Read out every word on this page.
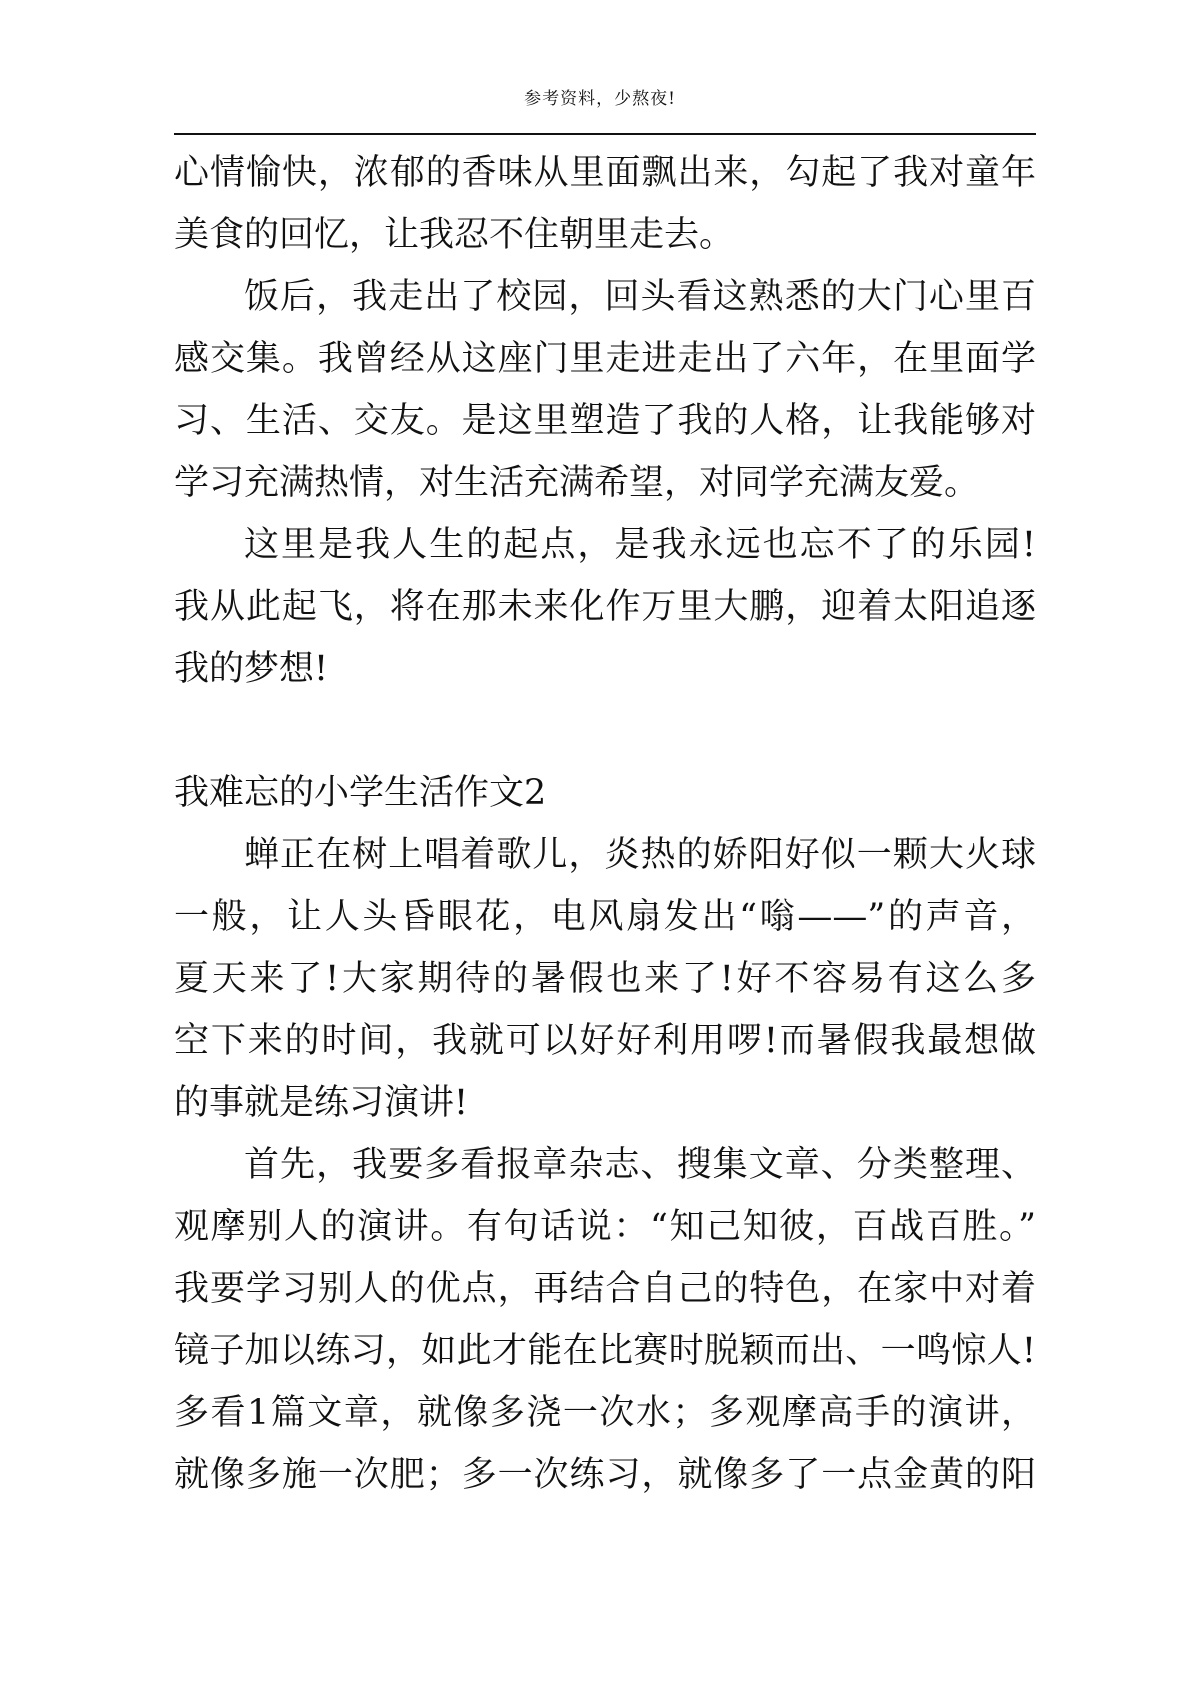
参考资料，少熬夜!
心情愉快，浓郁的香味从里面飘出来，勾起了我对童年
美食的回忆，让我忍不住朝里走去。
饭后，我走出了校园，回头看这熟悉的大门心里百
感交集。我曾经从这座门里走进走出了六年，在里面学
习、生活、交友。是这里塑造了我的人格，让我能够对
学习充满热情，对生活充满希望，对同学充满友爱。
这里是我人生的起点，是我永远也忘不了的乐园!
我从此起飞，将在那未来化作万里大鹏，迎着太阳追逐
我的梦想!
我难忘的小学生活作文2
蝉正在树上唱着歌儿，炎热的娇阳好似一颗大火球
一般，让人头昏眼花，电风扇发出“嗡——”的声音，
夏天来了!大家期待的暑假也来了!好不容易有这么多
空下来的时间，我就可以好好利用啰!而暑假我最想做
的事就是练习演讲!
首先，我要多看报章杂志、搜集文章、分类整理、
观摩别人的演讲。有句话说：“知己知彼，百战百胜。”
我要学习别人的优点，再结合自己的特色，在家中对着
镜子加以练习，如此才能在比赛时脱颖而出、一鸣惊人!
多看1篇文章，就像多浇一次水；多观摩高手的演讲，
就像多施一次肥；多一次练习，就像多了一点金黄的阳
